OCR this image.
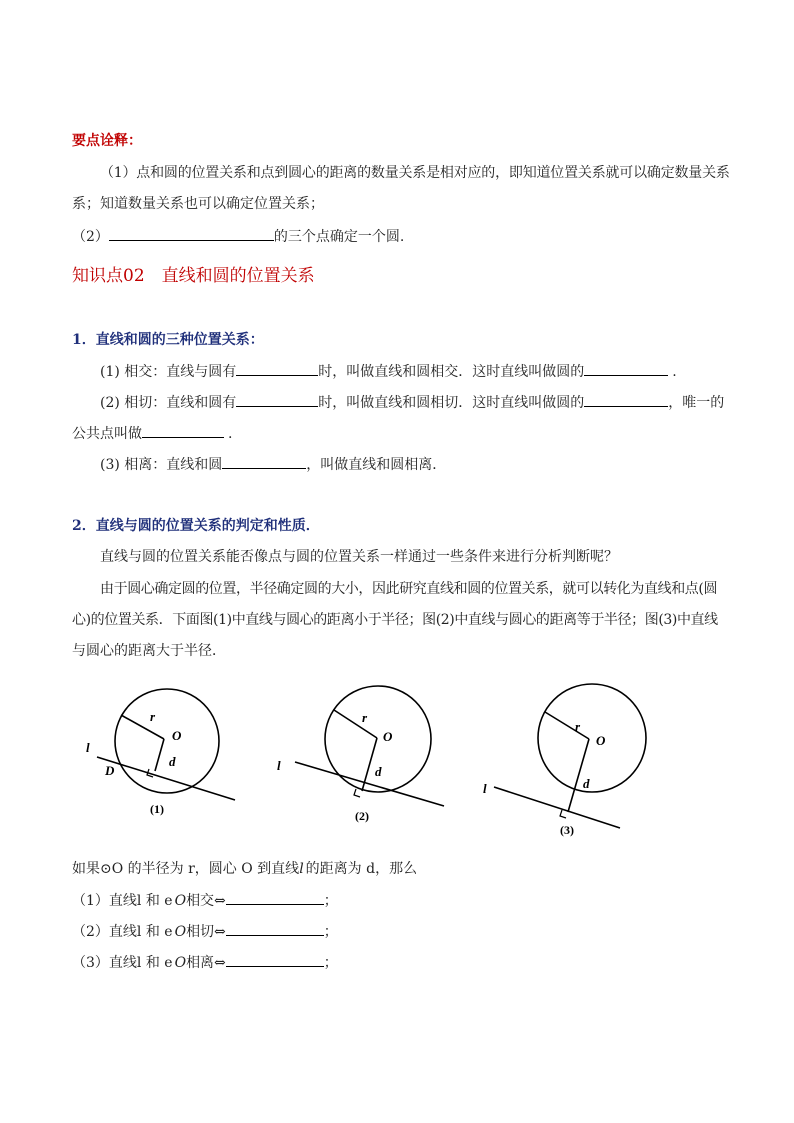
要点诠释：
（1）点和圆的位置关系和点到圆心的距离的数量关系是相对应的，即知道位置关系就可以确定数量关系
系；知道数量关系也可以确定位置关系；
（2）	的三个点确定一个圆.
知识点02　直线和圆的位置关系
1．直线和圆的三种位置关系：
(1) 相交：直线与圆有	时，叫做直线和圆相交．这时直线叫做圆的	.
(2) 相切：直线和圆有	时，叫做直线和圆相切．这时直线叫做圆的	，唯一的
公共点叫做	.
(3) 相离：直线和圆	，叫做直线和圆相离．
2．直线与圆的位置关系的判定和性质．
直线与圆的位置关系能否像点与圆的位置关系一样通过一些条件来进行分析判断呢？
由于圆心确定圆的位置，半径确定圆的大小，因此研究直线和圆的位置关系，就可以转化为直线和点(圆
心)的位置关系．下面图(1)中直线与圆心的距离小于半径；图(2)中直线与圆心的距离等于半径；图(3)中直线
与圆心的距离大于半径．
r
O
d
l
D
(1)
r
O
d
l
(2)
r
O
d
l
(3)
如果⊙O 的半径为 r，圆心 O 到直线l 的距离为 d，那么
（1）直线l 和 e O相交⇔	；
（2）直线l 和 e O相切⇔	；
（3）直线l 和 e O相离⇔	；
